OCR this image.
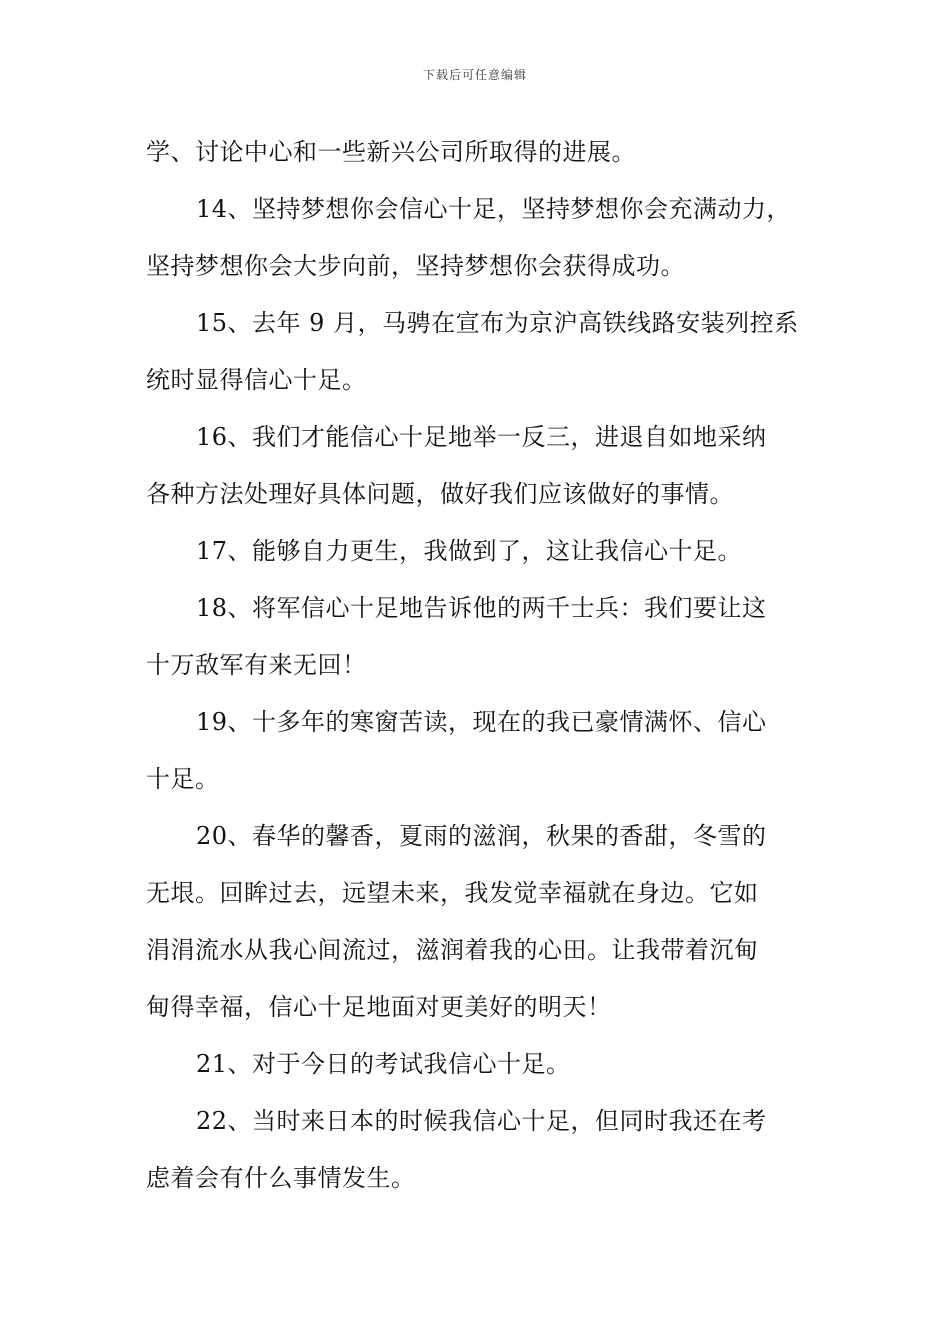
下载后可任意编辑

学、讨论中心和一些新兴公司所取得的进展。

14、坚持梦想你会信心十足，坚持梦想你会充满动力，
坚持梦想你会大步向前，坚持梦想你会获得成功。

15、去年 9 月，马骋在宣布为京沪高铁线路安装列控系
统时显得信心十足。

16、我们才能信心十足地举一反三，进退自如地采纳
各种方法处理好具体问题，做好我们应该做好的事情。

17、能够自力更生，我做到了，这让我信心十足。

18、将军信心十足地告诉他的两千士兵：我们要让这
十万敌军有来无回！

19、十多年的寒窗苦读，现在的我已豪情满怀、信心
十足。

20、春华的馨香，夏雨的滋润，秋果的香甜，冬雪的
无垠。回眸过去，远望未来，我发觉幸福就在身边。它如
涓涓流水从我心间流过，滋润着我的心田。让我带着沉甸
甸得幸福，信心十足地面对更美好的明天！

21、对于今日的考试我信心十足。

22、当时来日本的时候我信心十足，但同时我还在考
虑着会有什么事情发生。
